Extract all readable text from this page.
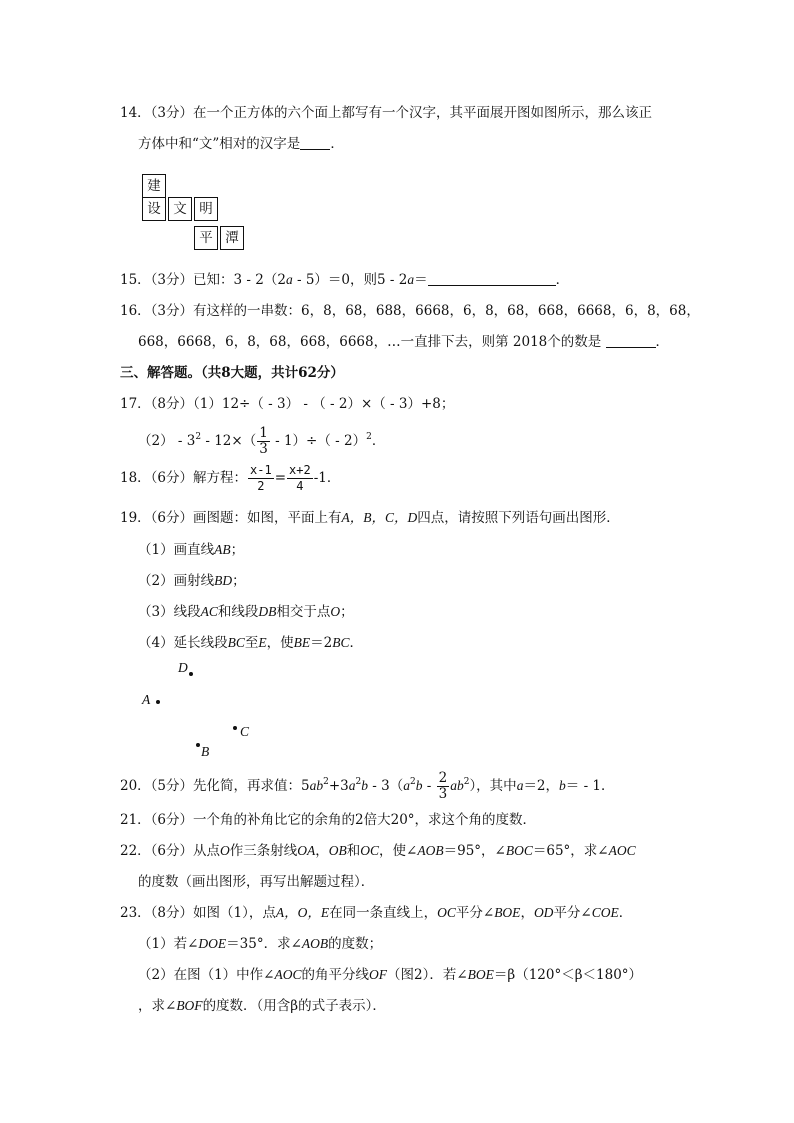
14．（3分）在一个正方体的六个面上都写有一个汉字，其平面展开图如图所示，那么该正
方体中和“文”相对的汉字是 ．
建
设 文 明
平 潭
15．（3分）已知：3 - 2（2a - 5）＝0，则5 - 2a＝	．
16．（3分）有这样的一串数：6，8，68，688，6668，6，8，68，668，6668，6，8，68，
668，6668，6，8，68，668，6668，…一直排下去，则第 2018个的数是	．
三、解答题。（共8大题，共计62分）
17．（8分）（1）12÷（ - 3） - （ - 2）×（ - 3）+8；
$(2) - 3^2 - 12\times( \frac{1}{3} - 1)\div( - 2)^2$．
18．（6分）解方程： $\frac{x-1}{2} = \frac{x+2}{4} -1$．
19．（6分）画图题：如图，平面上有A，B，C，D四点，请按照下列语句画出图形．
（1）画直线AB；
（2）画射线BD；
（3）线段AC和线段DB相交于点O；
（4）延长线段BC至E，使BE＝2BC．
D
A
C
B
20．（5分）先化简，再求值：$5ab^2+3a^2b - 3(a^2b - \frac{2}{3} ab^2)$，其中a＝2，b＝ - 1．
21．（6分）一个角的补角比它的余角的2倍大20°，求这个角的度数．
22．（6分）从点O作三条射线OA，OB和OC，使∠AOB＝95°，∠BOC＝65°，求∠AOC
的度数（画出图形，再写出解题过程）．
23．（8分）如图（1），点A，O，E在同一条直线上，OC平分∠BOE，OD平分∠COE．
（1）若∠DOE＝35°．求∠AOB的度数；
（2）在图（1）中作∠AOC的角平分线OF（图2）．若∠BOE＝β（120°＜β＜180°）
，求∠BOF的度数．（用含β的式子表示）．
